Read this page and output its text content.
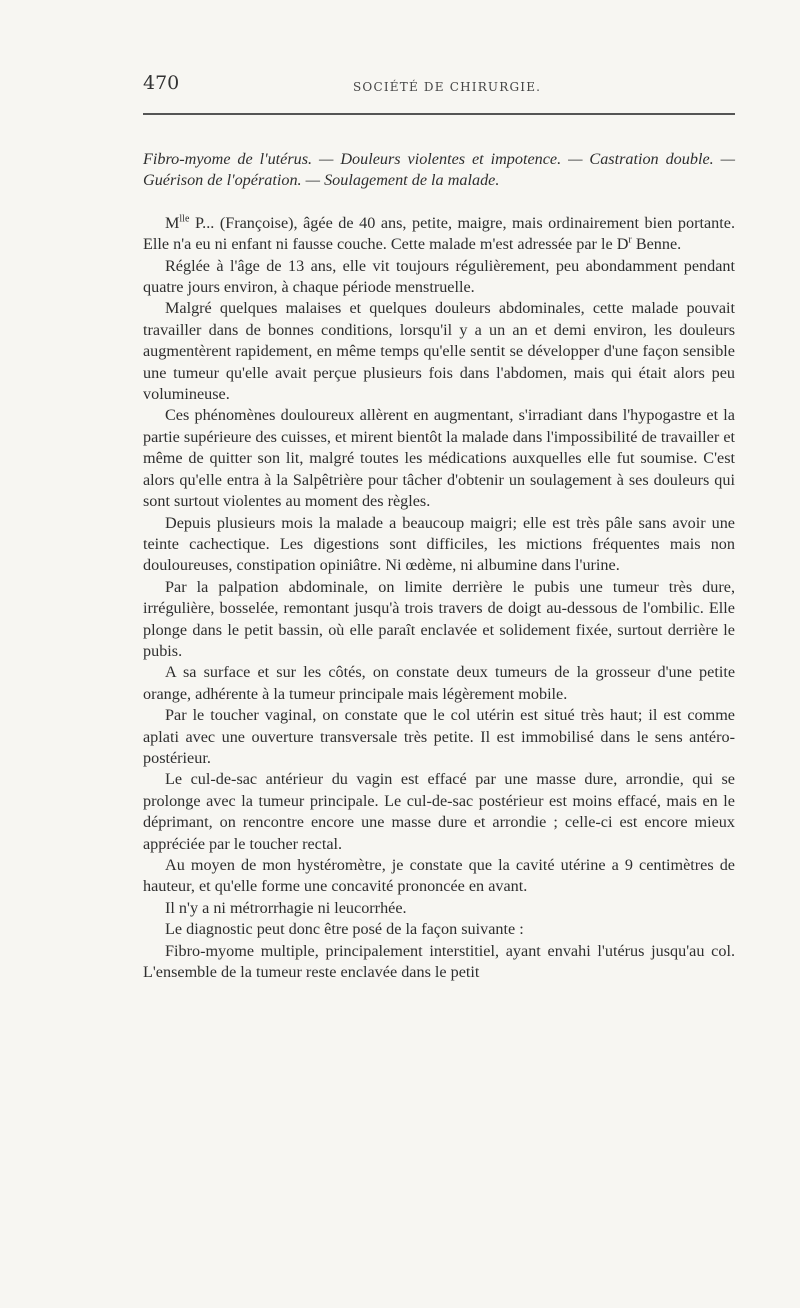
470	SOCIÉTÉ DE CHIRURGIE.

Fibro-myome de l'utérus. — Douleurs violentes et impotence. — Castration double. — Guérison de l'opération. — Soulagement de la malade.

$M^{lle}$ P... (Françoise), âgée de 40 ans, petite, maigre, mais ordinairement bien portante. Elle n'a eu ni enfant ni fausse couche. Cette malade m'est adressée par le $D^r$ Benne.

Réglée à l'âge de 13 ans, elle vit toujours régulièrement, peu abondamment pendant quatre jours environ, à chaque période menstruelle.

Malgré quelques malaises et quelques douleurs abdominales, cette malade pouvait travailler dans de bonnes conditions, lorsqu'il y a un an et demi environ, les douleurs augmentèrent rapidement, en même temps qu'elle sentit se développer d'une façon sensible une tumeur qu'elle avait perçue plusieurs fois dans l'abdomen, mais qui était alors peu volumineuse.

Ces phénomènes douloureux allèrent en augmentant, s'irradiant dans l'hypogastre et la partie supérieure des cuisses, et mirent bientôt la malade dans l'impossibilité de travailler et même de quitter son lit, malgré toutes les médications auxquelles elle fut soumise. C'est alors qu'elle entra à la Salpêtrière pour tâcher d'obtenir un soulagement à ses douleurs qui sont surtout violentes au moment des règles.

Depuis plusieurs mois la malade a beaucoup maigri; elle est très pâle sans avoir une teinte cachectique. Les digestions sont difficiles, les mictions fréquentes mais non douloureuses, constipation opiniâtre. Ni œdème, ni albumine dans l'urine.

Par la palpation abdominale, on limite derrière le pubis une tumeur très dure, irrégulière, bosselée, remontant jusqu'à trois travers de doigt au-dessous de l'ombilic. Elle plonge dans le petit bassin, où elle paraît enclavée et solidement fixée, surtout derrière le pubis.

A sa surface et sur les côtés, on constate deux tumeurs de la grosseur d'une petite orange, adhérente à la tumeur principale mais légèrement mobile.

Par le toucher vaginal, on constate que le col utérin est situé très haut; il est comme aplati avec une ouverture transversale très petite. Il est immobilisé dans le sens antéro-postérieur.

Le cul-de-sac antérieur du vagin est effacé par une masse dure, arrondie, qui se prolonge avec la tumeur principale. Le cul-de-sac postérieur est moins effacé, mais en le déprimant, on rencontre encore une masse dure et arrondie ; celle-ci est encore mieux appréciée par le toucher rectal.

Au moyen de mon hystéromètre, je constate que la cavité utérine a 9 centimètres de hauteur, et qu'elle forme une concavité prononcée en avant.

Il n'y a ni métrorrhagie ni leucorrhée.

Le diagnostic peut donc être posé de la façon suivante :

Fibro-myome multiple, principalement interstitiel, ayant envahi l'utérus jusqu'au col. L'ensemble de la tumeur reste enclavée dans le petit
